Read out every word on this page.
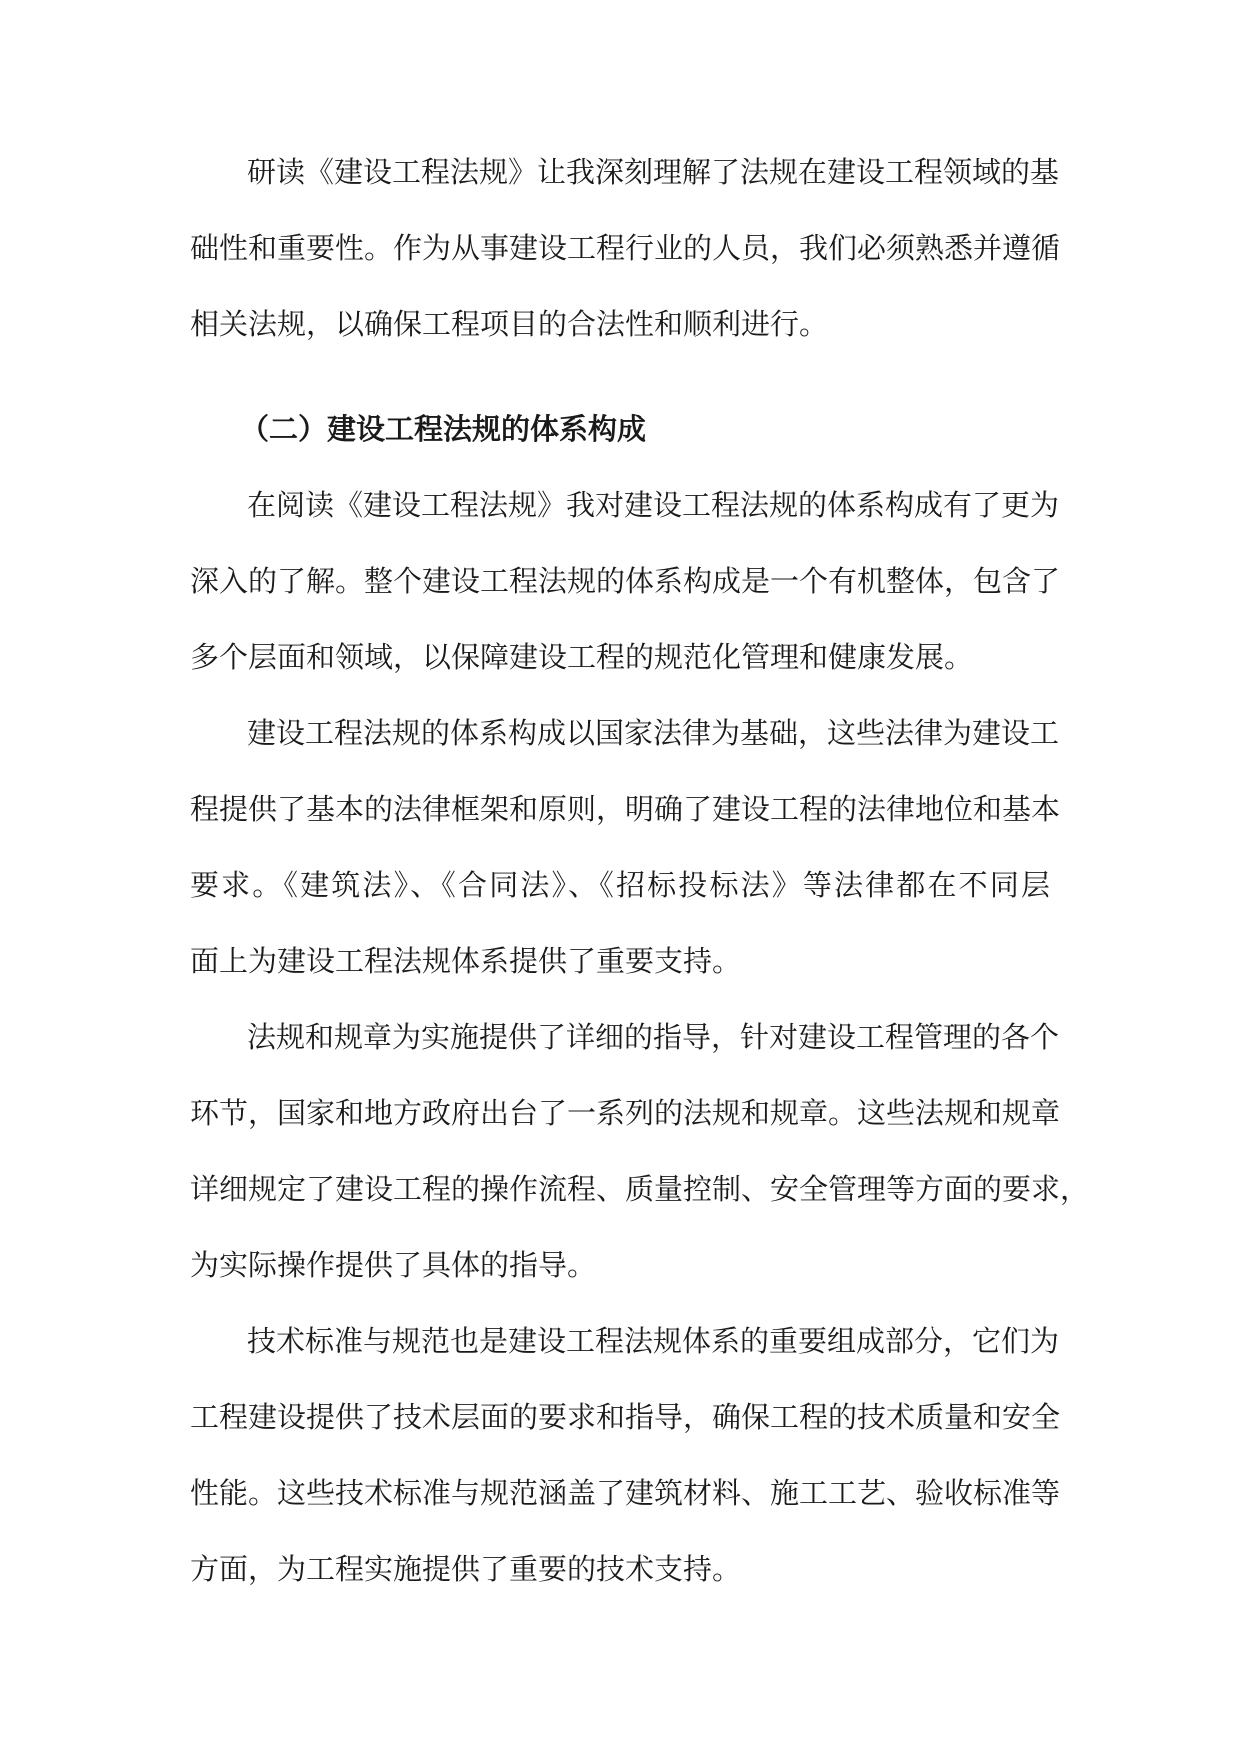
研读《建设工程法规》让我深刻理解了法规在建设工程领域的基
础性和重要性。作为从事建设工程行业的人员，我们必须熟悉并遵循
相关法规，以确保工程项目的合法性和顺利进行。
（二）建设工程法规的体系构成
在阅读《建设工程法规》我对建设工程法规的体系构成有了更为
深入的了解。整个建设工程法规的体系构成是一个有机整体，包含了
多个层面和领域，以保障建设工程的规范化管理和健康发展。
建设工程法规的体系构成以国家法律为基础，这些法律为建设工
程提供了基本的法律框架和原则，明确了建设工程的法律地位和基本
要求。《建筑法》、《合同法》、《招标投标法》等法律都在不同层
面上为建设工程法规体系提供了重要支持。
法规和规章为实施提供了详细的指导，针对建设工程管理的各个
环节，国家和地方政府出台了一系列的法规和规章。这些法规和规章
详细规定了建设工程的操作流程、质量控制、安全管理等方面的要求，
为实际操作提供了具体的指导。
技术标准与规范也是建设工程法规体系的重要组成部分，它们为
工程建设提供了技术层面的要求和指导，确保工程的技术质量和安全
性能。这些技术标准与规范涵盖了建筑材料、施工工艺、验收标准等
方面，为工程实施提供了重要的技术支持。
